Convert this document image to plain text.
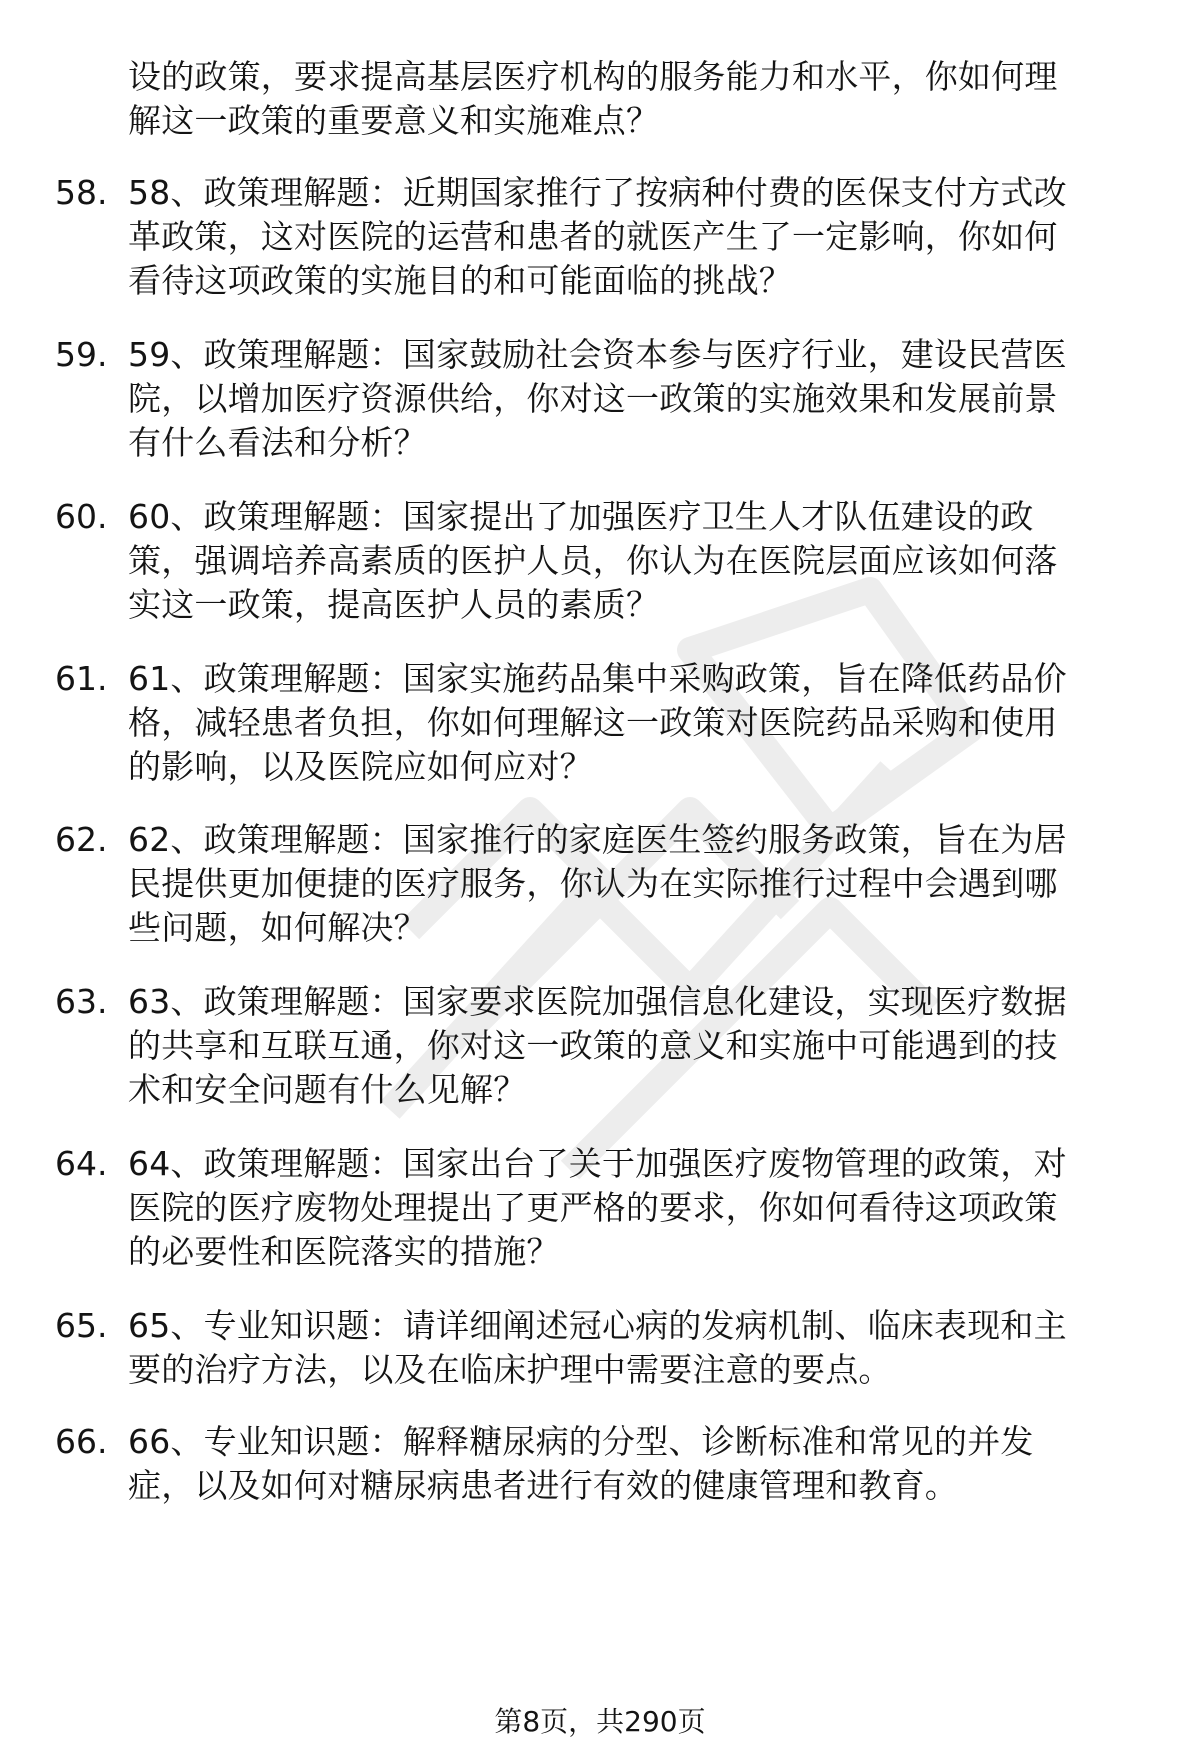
设的政策，要求提高基层医疗机构的服务能力和水平，你如何理
解这一政策的重要意义和实施难点？
58. 58、政策理解题：近期国家推行了按病种付费的医保支付方式改
革政策，这对医院的运营和患者的就医产生了一定影响，你如何
看待这项政策的实施目的和可能面临的挑战？
59. 59、政策理解题：国家鼓励社会资本参与医疗行业，建设民营医
院，以增加医疗资源供给，你对这一政策的实施效果和发展前景
有什么看法和分析？
60. 60、政策理解题：国家提出了加强医疗卫生人才队伍建设的政
策，强调培养高素质的医护人员，你认为在医院层面应该如何落
实这一政策，提高医护人员的素质？
61. 61、政策理解题：国家实施药品集中采购政策，旨在降低药品价
格，减轻患者负担，你如何理解这一政策对医院药品采购和使用
的影响，以及医院应如何应对？
62. 62、政策理解题：国家推行的家庭医生签约服务政策，旨在为居
民提供更加便捷的医疗服务，你认为在实际推行过程中会遇到哪
些问题，如何解决？
63. 63、政策理解题：国家要求医院加强信息化建设，实现医疗数据
的共享和互联互通，你对这一政策的意义和实施中可能遇到的技
术和安全问题有什么见解？
64. 64、政策理解题：国家出台了关于加强医疗废物管理的政策，对
医院的医疗废物处理提出了更严格的要求，你如何看待这项政策
的必要性和医院落实的措施？
65. 65、专业知识题：请详细阐述冠心病的发病机制、临床表现和主
要的治疗方法，以及在临床护理中需要注意的要点。
66. 66、专业知识题：解释糖尿病的分型、诊断标准和常见的并发
症，以及如何对糖尿病患者进行有效的健康管理和教育。
第8页，共290页
